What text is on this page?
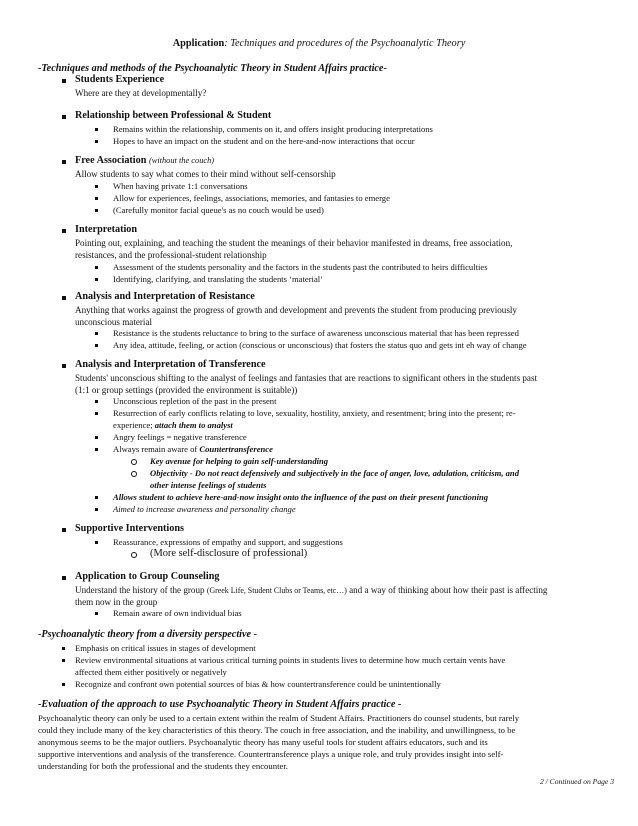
Application: Techniques and procedures of the Psychoanalytic Theory
-Techniques and methods of the Psychoanalytic Theory in Student Affairs practice-
Students Experience
Where are they at developmentally?
Relationship between Professional & Student
Remains within the relationship, comments on it, and offers insight producing interpretations
Hopes to have an impact on the student and on the here-and-now interactions that occur
Free Association (without the couch)
Allow students to say what comes to their mind without self-censorship
When having private 1:1 conversations
Allow for experiences, feelings, associations, memories, and fantasies to emerge
(Carefully monitor facial queue's as no couch would be used)
Interpretation
Pointing out, explaining, and teaching the student the meanings of their behavior manifested in dreams, free association,
resistances, and the professional-student relationship
Assessment of the students personality and the factors in the students past the contributed to heirs difficulties
Identifying, clarifying, and translating the students ‘material’
Analysis and Interpretation of Resistance
Anything that works against the progress of growth and development and prevents the student from producing previously
unconscious material
Resistance is the students reluctance to bring to the surface of awareness unconscious material that has been repressed
Any idea, attitude, feeling, or action (conscious or unconscious) that fosters the status quo and gets int eh way of change
Analysis and Interpretation of Transference
Students' unconscious shifting to the analyst of feelings and fantasies that are reactions to significant others in the students past
(1:1 or group settings (provided the environment is suitable))
Unconscious repletion of the past in the present
Resurrection of early conflicts relating to love, sexuality, hostility, anxiety, and resentment; bring into the present; re-
experience; attach them to analyst
Angry feelings = negative transference
Always remain aware of Countertransference
Key avenue for helping to gain self-understanding
Objectivity - Do not react defensively and subjectively in the face of anger, love, adulation, criticism, and
other intense feelings of students
Allows student to achieve here-and-now insight onto the influence of the past on their present functioning
Aimed to increase awareness and personality change
Supportive Interventions
Reassurance, expressions of empathy and support, and suggestions
(More self-disclosure of professional)
Application to Group Counseling
Understand the history of the group (Greek Life, Student Clubs or Teams, etc…) and a way of thinking about how their past is affecting
them now in the group
Remain aware of own individual bias
-Psychoanalytic theory from a diversity perspective -
Emphasis on critical issues in stages of development
Review environmental situations at various critical turning points in students lives to determine how much certain vents have
affected them either positively or negatively
Recognize and confront own potential sources of bias & how countertransference could be unintentionally
-Evaluation of the approach to use Psychoanalytic Theory in Student Affairs practice -
Psychoanalytic theory can only be used to a certain extent within the realm of Student Affairs. Practitioners do counsel students, but rarely
could they include many of the key characteristics of this theory. The couch in free association, and the inability, and unwillingness, to be
anonymous seems to be the major outliers. Psychoanalytic theory has many useful tools for student affairs educators, such and its
supportive interventions and analysis of the transference. Countertransference plays a unique role, and truly provides insight into self-
understanding for both the professional and the students they encounter.
2 / Continued on Page 3
